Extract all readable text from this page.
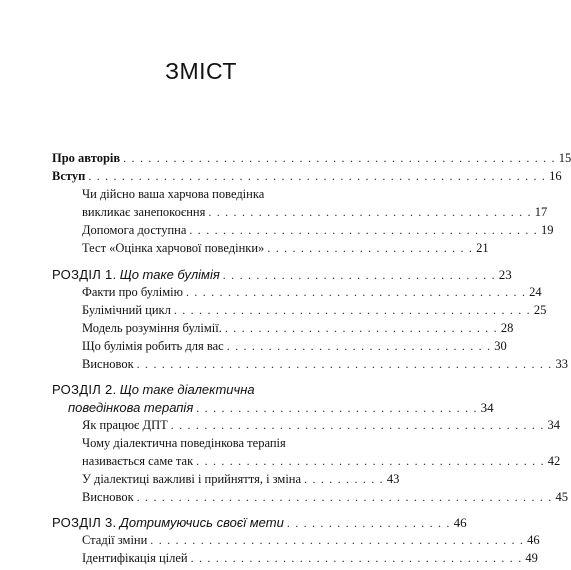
ЗМІСТ
Про авторів . . . . . . . . . . . . . . . . . . . . . . . . . . . . . . . . . . . . . . . . . . . . . . . . . . . . 15
Вступ . . . . . . . . . . . . . . . . . . . . . . . . . . . . . . . . . . . . . . . . . . . . . . . . . . . . . . . 16
Чи дійсно ваша харчова поведінка
викликає занепокоєння . . . . . . . . . . . . . . . . . . . . . . . . . . . . . . . . . . . . . . . 17
Допомога доступна . . . . . . . . . . . . . . . . . . . . . . . . . . . . . . . . . . . . . . . . . . 19
Тест «Оцінка харчової поведінки» . . . . . . . . . . . . . . . . . . . . . . . . . 21
РОЗДІЛ 1. Що таке булімія . . . . . . . . . . . . . . . . . . . . . . . . . . . . . . . . . 23
Факти про булімію . . . . . . . . . . . . . . . . . . . . . . . . . . . . . . . . . . . . . . . . . 24
Булімічний цикл . . . . . . . . . . . . . . . . . . . . . . . . . . . . . . . . . . . . . . . . . . . 25
Модель розуміння булімії. . . . . . . . . . . . . . . . . . . . . . . . . . . . . . . . . . 28
Що булімія робить для вас . . . . . . . . . . . . . . . . . . . . . . . . . . . . . . . . 30
Висновок . . . . . . . . . . . . . . . . . . . . . . . . . . . . . . . . . . . . . . . . . . . . . . . . . . 33
РОЗДІЛ 2. Що таке діалектична
поведінкова терапія . . . . . . . . . . . . . . . . . . . . . . . . . . . . . . . . . . 34
Як працює ДПТ . . . . . . . . . . . . . . . . . . . . . . . . . . . . . . . . . . . . . . . . . . . . . 34
Чому діалектична поведінкова терапія
називається саме так . . . . . . . . . . . . . . . . . . . . . . . . . . . . . . . . . . . . . . . . . . 42
У діалектиці важливі і прийняття, і зміна . . . . . . . . . . 43
Висновок . . . . . . . . . . . . . . . . . . . . . . . . . . . . . . . . . . . . . . . . . . . . . . . . . . 45
РОЗДІЛ 3. Дотримуючись своєї мети . . . . . . . . . . . . . . . . . . . . 46
Стадії зміни . . . . . . . . . . . . . . . . . . . . . . . . . . . . . . . . . . . . . . . . . . . . . 46
Ідентифікація цілей . . . . . . . . . . . . . . . . . . . . . . . . . . . . . . . . . . . . . . . . 49
